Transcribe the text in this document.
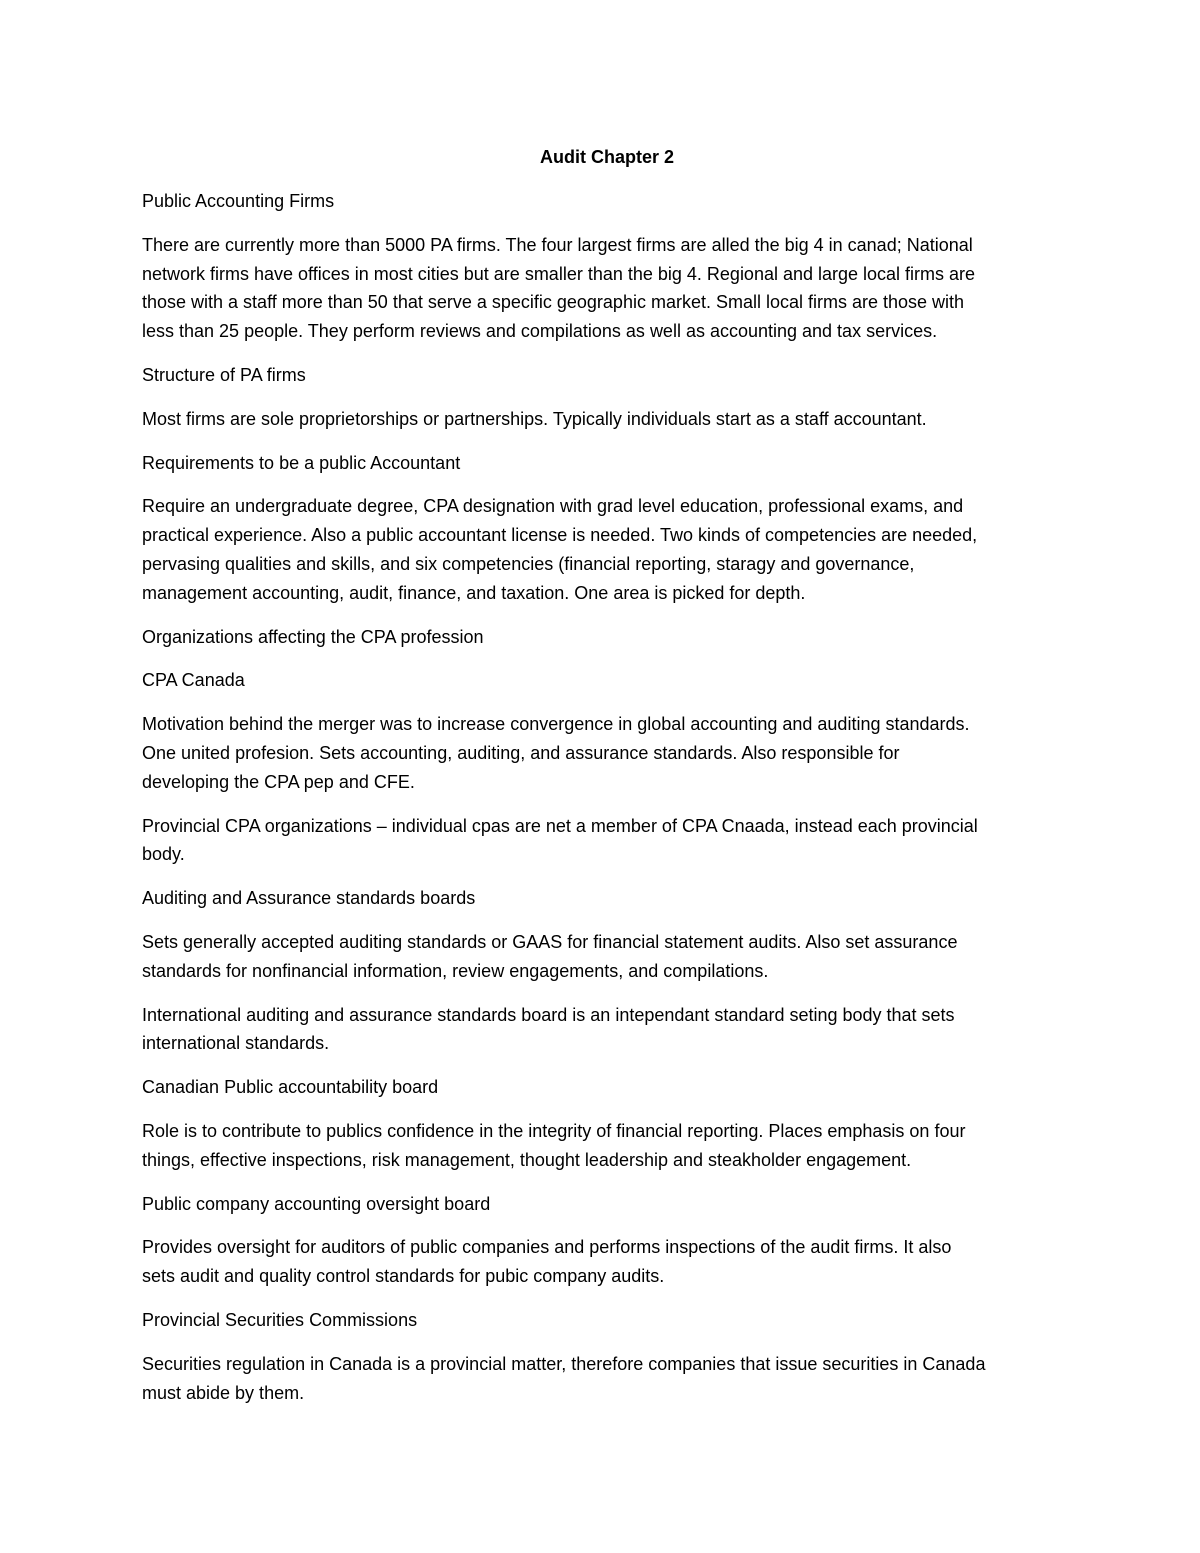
Audit Chapter 2
Public Accounting Firms
There are currently more than 5000 PA firms. The four largest firms are alled the big 4 in canad; National
network firms have offices in most cities but are smaller than the big 4. Regional and large local firms are
those with a staff more than 50 that serve a specific geographic market. Small local firms are those with
less than 25 people. They perform reviews and compilations as well as accounting and tax services.
Structure of PA firms
Most firms are sole proprietorships or partnerships. Typically individuals start as a staff accountant.
Requirements to be a public Accountant
Require an undergraduate degree, CPA designation with grad level education, professional exams, and
practical experience. Also a public accountant license is needed. Two kinds of competencies are needed,
pervasing qualities and skills, and six competencies (financial reporting, staragy and governance,
management accounting, audit, finance, and taxation. One area is picked for depth.
Organizations affecting the CPA profession
CPA Canada
Motivation behind the merger was to increase convergence in global accounting and auditing standards.
One united profesion. Sets accounting, auditing, and assurance standards. Also responsible for
developing the CPA pep and CFE.
Provincial CPA organizations – individual cpas are net a member of CPA Cnaada, instead each provincial
body.
Auditing and Assurance standards boards
Sets generally accepted auditing standards or GAAS for financial statement audits. Also set assurance
standards for nonfinancial information, review engagements, and compilations.
International auditing and assurance standards board is an intependant standard seting body that sets
international standards.
Canadian Public accountability board
Role is to contribute to publics confidence in the integrity of financial reporting. Places emphasis on four
things, effective inspections, risk management, thought leadership and steakholder engagement.
Public company accounting oversight board
Provides oversight for auditors of public companies and performs inspections of the audit firms. It also
sets audit and quality control standards for pubic company audits.
Provincial Securities Commissions
Securities regulation in Canada is a provincial matter, therefore companies that issue securities in Canada
must abide by them.
